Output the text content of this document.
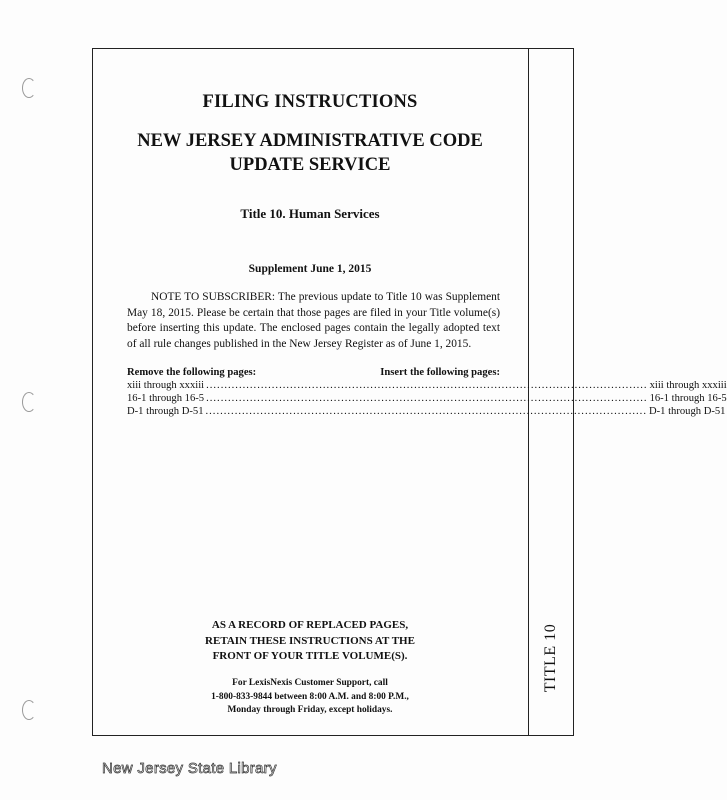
TITLE 10
FILING INSTRUCTIONS
NEW JERSEY ADMINISTRATIVE CODE
UPDATE SERVICE
Title 10. Human Services
Supplement June 1, 2015
NOTE TO SUBSCRIBER: The previous update to Title 10 was Supplement May 18, 2015. Please be certain that those pages are filed in your Title volume(s) before inserting this update. The enclosed pages contain the legally adopted text of all rule changes published in the New Jersey Register as of June 1, 2015.
Remove the following pages:	Insert the following pages:
xiii through xxxiii ......................................................................................................................... xiii through xxxiii
16-1 through 16-5 ......................................................................................................................... 16-1 through 16-5
D-1 through D-51 ......................................................................................................................... D-1 through D-51
AS A RECORD OF REPLACED PAGES,
RETAIN THESE INSTRUCTIONS AT THE
FRONT OF YOUR TITLE VOLUME(S).
For LexisNexis Customer Support, call
1-800-833-9844 between 8:00 A.M. and 8:00 P.M.,
Monday through Friday, except holidays.
New Jersey State Library
